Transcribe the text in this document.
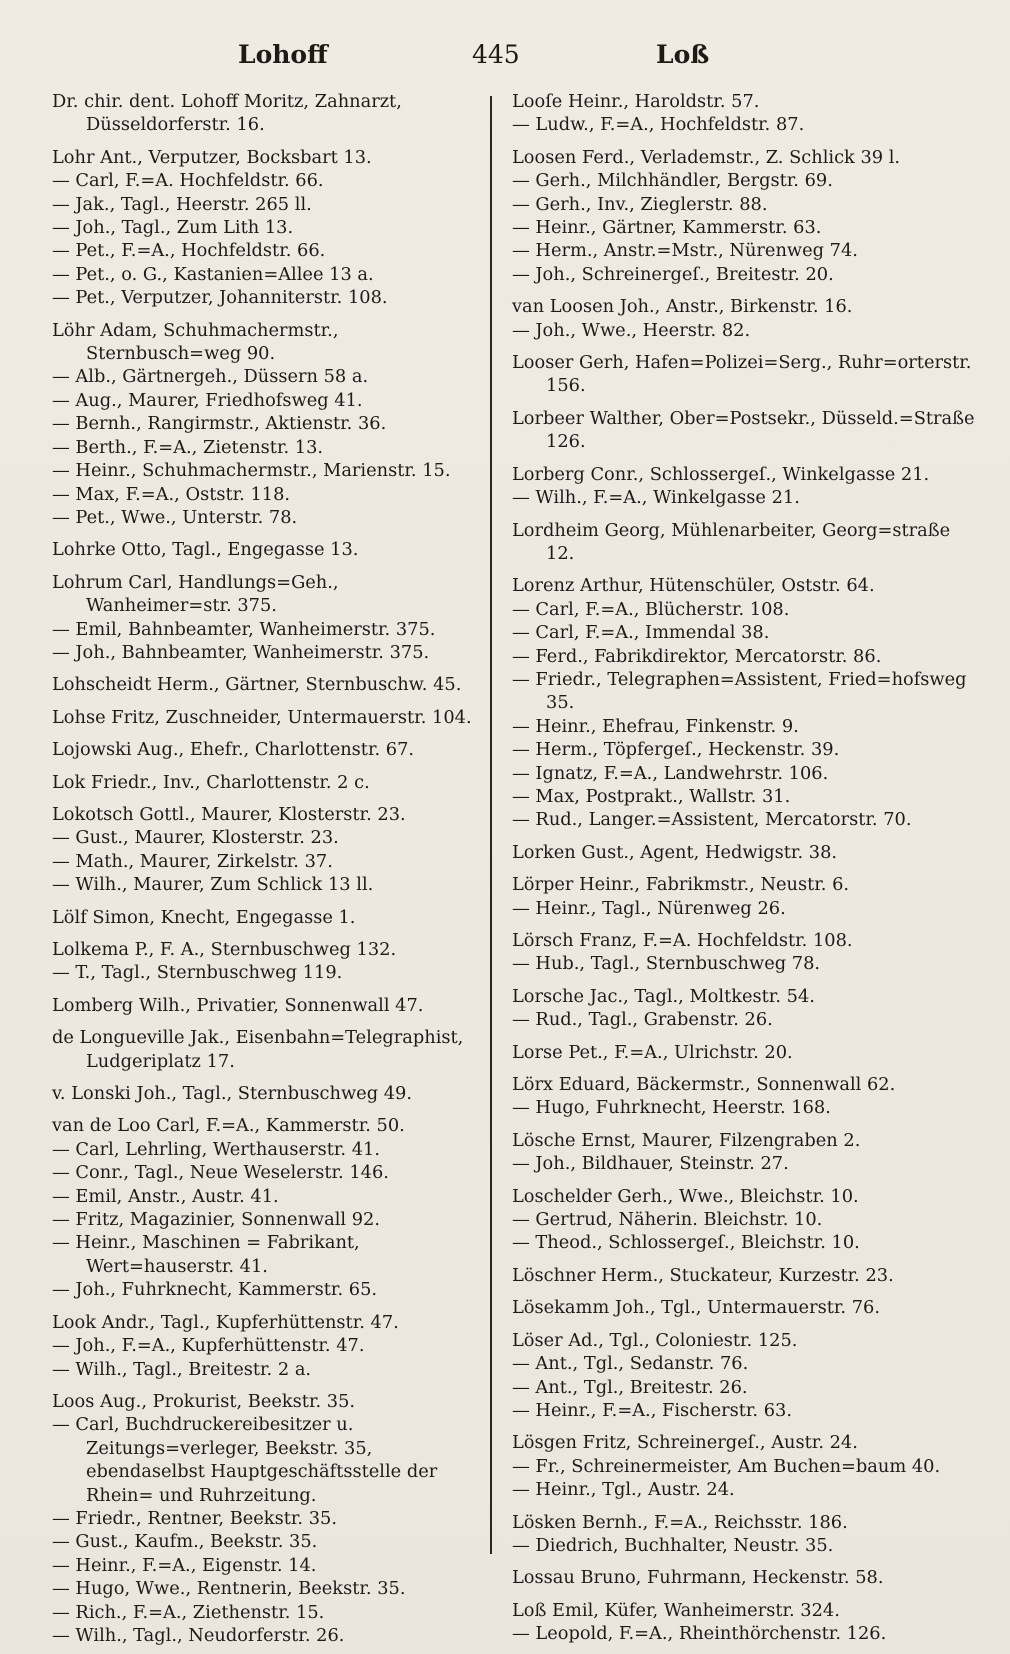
Lohoff	445	Loß

Dr. chir. dent. Lohoff Moritz, Zahnarzt, Düsseldorferstr. 16.

Lohr Ant., Verputzer, Bocksbart 13.

— Carl, F.=A. Hochfeldstr. 66.

— Jak., Tagl., Heerstr. 265 ll.

— Joh., Tagl., Zum Lith 13.

— Pet., F.=A., Hochfeldstr. 66.

— Pet., o. G., Kastanien=Allee 13 a.

— Pet., Verputzer, Johanniterstr. 108.

Löhr Adam, Schuhmachermstr., Sternbusch=weg 90.

— Alb., Gärtnergeh., Düssern 58 a.

— Aug., Maurer, Friedhofsweg 41.

— Bernh., Rangirmstr., Aktienstr. 36.

— Berth., F.=A., Zietenstr. 13.

— Heinr., Schuhmachermstr., Marienstr. 15.

— Max, F.=A., Oststr. 118.

— Pet., Wwe., Unterstr. 78.

Lohrke Otto, Tagl., Engegasse 13.

Lohrum Carl, Handlungs=Geh., Wanheimer=str. 375.

— Emil, Bahnbeamter, Wanheimerstr. 375.

— Joh., Bahnbeamter, Wanheimerstr. 375.

Lohscheidt Herm., Gärtner, Sternbuschw. 45.

Lohse Fritz, Zuschneider, Untermauerstr. 104.

Lojowski Aug., Ehefr., Charlottenstr. 67.

Lok Friedr., Inv., Charlottenstr. 2 c.

Lokotsch Gottl., Maurer, Klosterstr. 23.

— Gust., Maurer, Klosterstr. 23.

— Math., Maurer, Zirkelstr. 37.

— Wilh., Maurer, Zum Schlick 13 ll.

Lölf Simon, Knecht, Engegasse 1.

Lolkema P., F. A., Sternbuschweg 132.

— T., Tagl., Sternbuschweg 119.

Lomberg Wilh., Privatier, Sonnenwall 47.

de Longueville Jak., Eisenbahn=Telegraphist, Ludgeriplatz 17.

v. Lonski Joh., Tagl., Sternbuschweg 49.

van de Loo Carl, F.=A., Kammerstr. 50.

— Carl, Lehrling, Werthauserstr. 41.

— Conr., Tagl., Neue Weselerstr. 146.

— Emil, Anstr., Austr. 41.

— Fritz, Magazinier, Sonnenwall 92.

— Heinr., Maschinen = Fabrikant, Wert=hauserstr. 41.

— Joh., Fuhrknecht, Kammerstr. 65.

Look Andr., Tagl., Kupferhüttenstr. 47.

— Joh., F.=A., Kupferhüttenstr. 47.

— Wilh., Tagl., Breitestr. 2 a.

Loos Aug., Prokurist, Beekstr. 35.

— Carl, Buchdruckereibesitzer u. Zeitungs=verleger, Beekstr. 35, ebendaselbst Hauptgeschäftsstelle der Rhein= und Ruhrzeitung.

— Friedr., Rentner, Beekstr. 35.

— Gust., Kaufm., Beekstr. 35.

— Heinr., F.=A., Eigenstr. 14.

— Hugo, Wwe., Rentnerin, Beekstr. 35.

— Rich., F.=A., Ziethenstr. 15.

— Wilh., Tagl., Neudorferstr. 26.

Looſe Heinr., Haroldstr. 57.

— Ludw., F.=A., Hochfeldstr. 87.

Loosen Ferd., Verlademstr., Z. Schlick 39 l.

— Gerh., Milchhändler, Bergstr. 69.

— Gerh., Inv., Zieglerstr. 88.

— Heinr., Gärtner, Kammerstr. 63.

— Herm., Anstr.=Mstr., Nürenweg 74.

— Joh., Schreinergeſ., Breitestr. 20.

van Loosen Joh., Anstr., Birkenstr. 16.

— Joh., Wwe., Heerstr. 82.

Looser Gerh, Hafen=Polizei=Serg., Ruhr=orterstr. 156.

Lorbeer Walther, Ober=Postsekr., Düsseld.=Straße 126.

Lorberg Conr., Schlossergeſ., Winkelgasse 21.

— Wilh., F.=A., Winkelgasse 21.

Lordheim Georg, Mühlenarbeiter, Georg=straße 12.

Lorenz Arthur, Hütenschüler, Oststr. 64.

— Carl, F.=A., Blücherstr. 108.

— Carl, F.=A., Immendal 38.

— Ferd., Fabrikdirektor, Mercatorstr. 86.

— Friedr., Telegraphen=Assistent, Fried=hofsweg 35.

— Heinr., Ehefrau, Finkenstr. 9.

— Herm., Töpfergeſ., Heckenstr. 39.

— Ignatz, F.=A., Landwehrstr. 106.

— Max, Postprakt., Wallstr. 31.

— Rud., Langer.=Assistent, Mercatorstr. 70.

Lorken Gust., Agent, Hedwigstr. 38.

Lörper Heinr., Fabrikmstr., Neustr. 6.

— Heinr., Tagl., Nürenweg 26.

Lörsch Franz, F.=A. Hochfeldstr. 108.

— Hub., Tagl., Sternbuschweg 78.

Lorsche Jac., Tagl., Moltkestr. 54.

— Rud., Tagl., Grabenstr. 26.

Lorse Pet., F.=A., Ulrichstr. 20.

Lörx Eduard, Bäckermstr., Sonnenwall 62.

— Hugo, Fuhrknecht, Heerstr. 168.

Lösche Ernst, Maurer, Filzengraben 2.

— Joh., Bildhauer, Steinstr. 27.

Loschelder Gerh., Wwe., Bleichstr. 10.

— Gertrud, Näherin. Bleichstr. 10.

— Theod., Schlossergeſ., Bleichstr. 10.

Löschner Herm., Stuckateur, Kurzestr. 23.

Lösekamm Joh., Tgl., Untermauerstr. 76.

Löser Ad., Tgl., Coloniestr. 125.

— Ant., Tgl., Sedanstr. 76.

— Ant., Tgl., Breitestr. 26.

— Heinr., F.=A., Fischerstr. 63.

Lösgen Fritz, Schreinergeſ., Austr. 24.

— Fr., Schreinermeister, Am Buchen=baum 40.

— Heinr., Tgl., Austr. 24.

Lösken Bernh., F.=A., Reichsstr. 186.

— Diedrich, Buchhalter, Neustr. 35.

Lossau Bruno, Fuhrmann, Heckenstr. 58.

Loß Emil, Küfer, Wanheimerstr. 324.

— Leopold, F.=A., Rheinthörchenstr. 126.
